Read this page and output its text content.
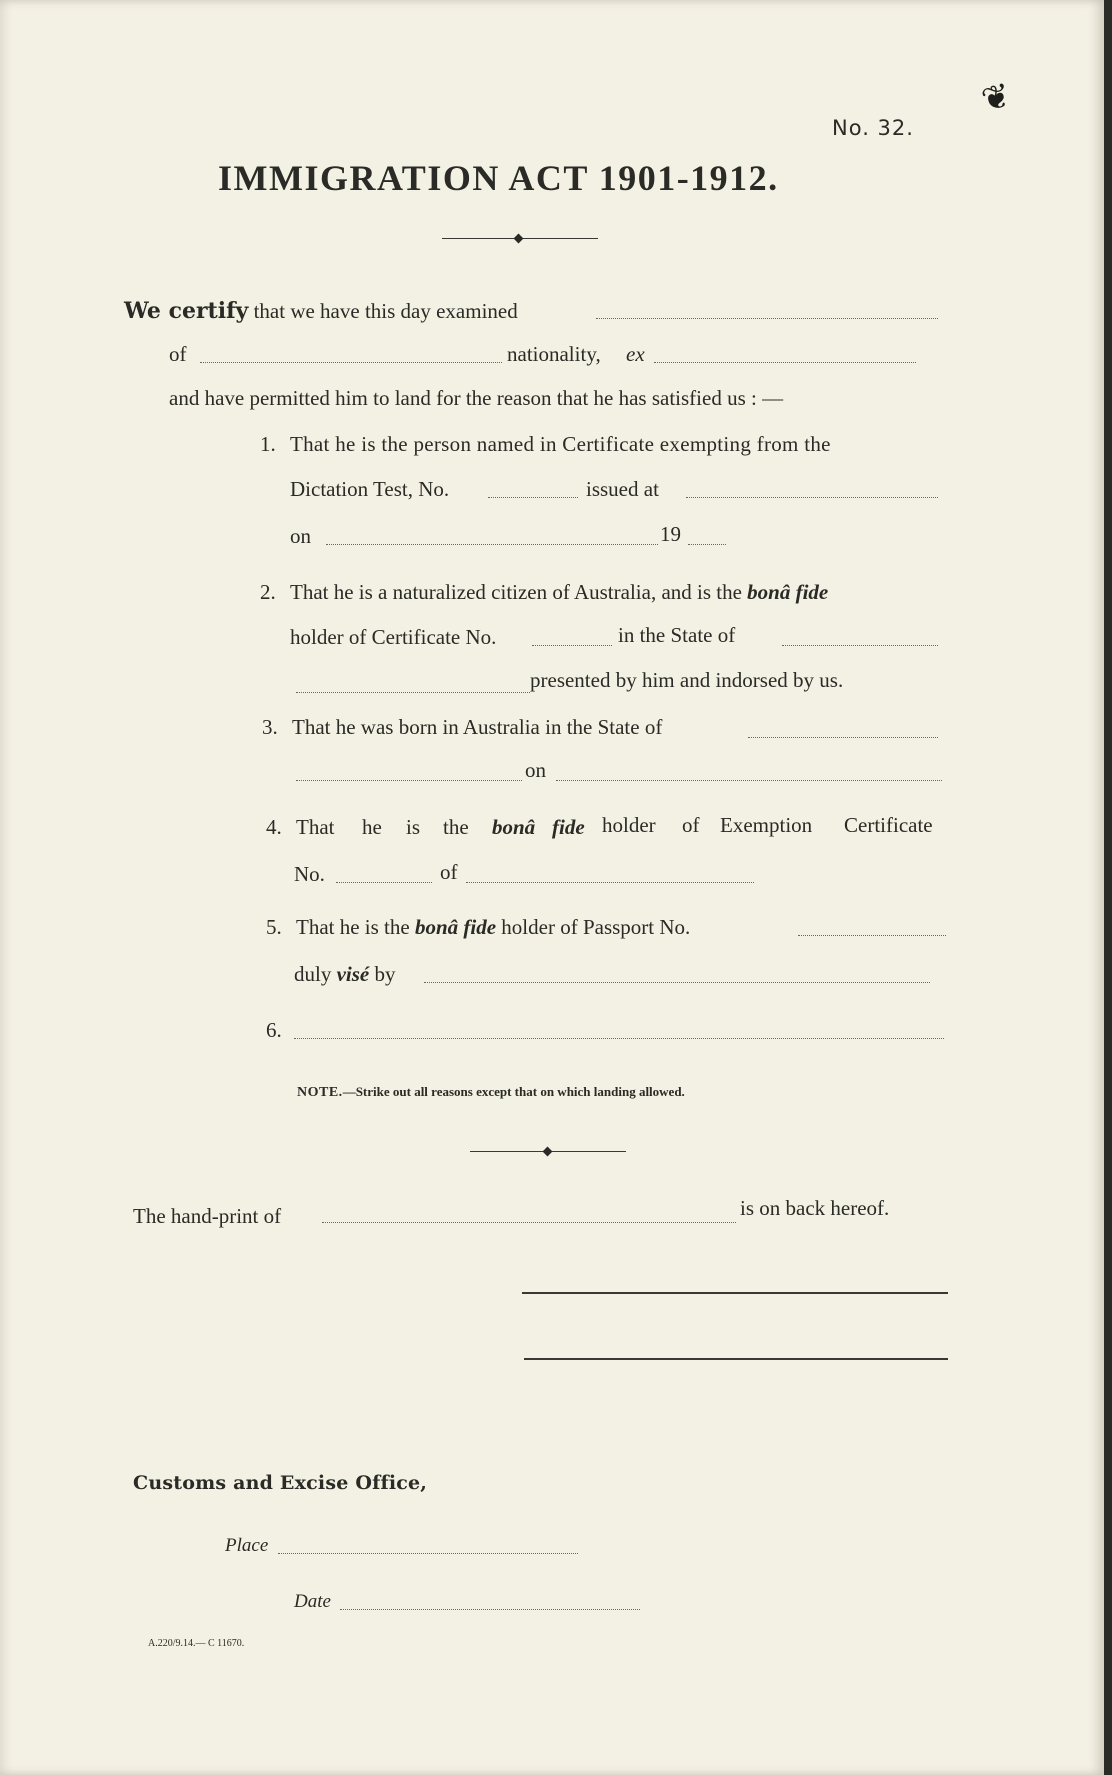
❦
No. 32.
IMMIGRATION ACT 1901-1912.
We certify that we have this day examined
of	nationality, ex
and have permitted him to land for the reason that he has satisfied us : —
1. That he is the person named in Certificate exempting from the
Dictation Test, No.	issued at
on	19
2. That he is a naturalized citizen of Australia, and is the bonâ fide
holder of Certificate No.	in the State of
presented by him and indorsed by us.
3. That he was born in Australia in the State of
on
4. That he is the bonâ fide holder of Exemption Certificate
No.	of
5. That he is the bonâ fide holder of Passport No.
duly visé by
6.
NOTE.—Strike out all reasons except that on which landing allowed.
The hand-print of	is on back hereof.
Customs and Excise Office,
Place
Date
A.220/9.14.— C 11670.
